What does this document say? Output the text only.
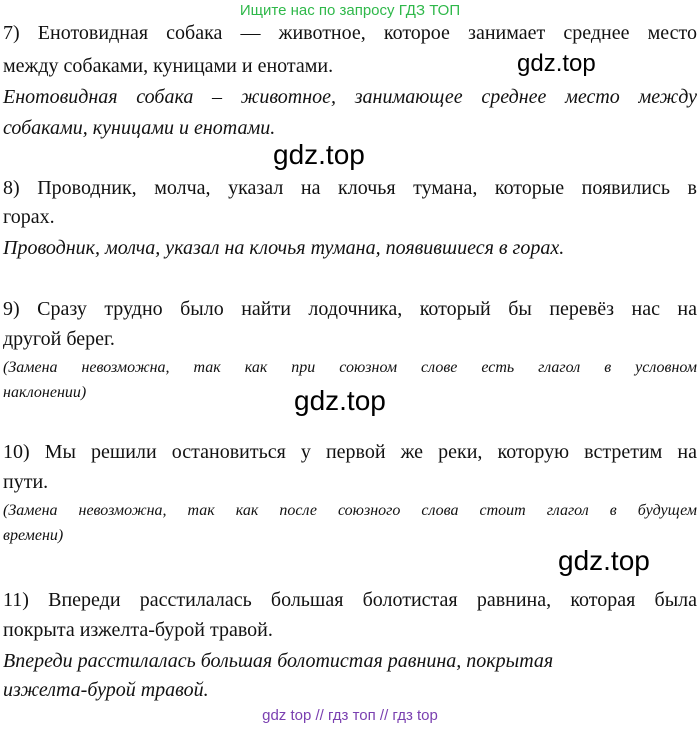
Ищите нас по запросу ГДЗ ТОП
7) Енотовидная собака — животное, которое занимает среднее место
между собаками, куницами и енотами.
Енотовидная собака – животное, занимающее среднее место между
собаками, куницами и енотами.
8) Проводник, молча, указал на клочья тумана, которые появились в
горах.
Проводник, молча, указал на клочья тумана, появившиеся в горах.
9) Сразу трудно было найти лодочника, который бы перевёз нас на
другой берег.
(Замена невозможна, так как при союзном слове есть глагол в условном
наклонении)
10) Мы решили остановиться у первой же реки, которую встретим на
пути.
(Замена невозможна, так как после союзного слова стоит глагол в будущем
времени)
11) Впереди расстилалась большая болотистая равнина, которая была
покрыта изжелта-бурой травой.
Впереди расстилалась большая болотистая равнина, покрытая
изжелта-бурой травой.
gdz.top
gdz.top
gdz.top
gdz.top
gdz top // гдз топ // гдз top
